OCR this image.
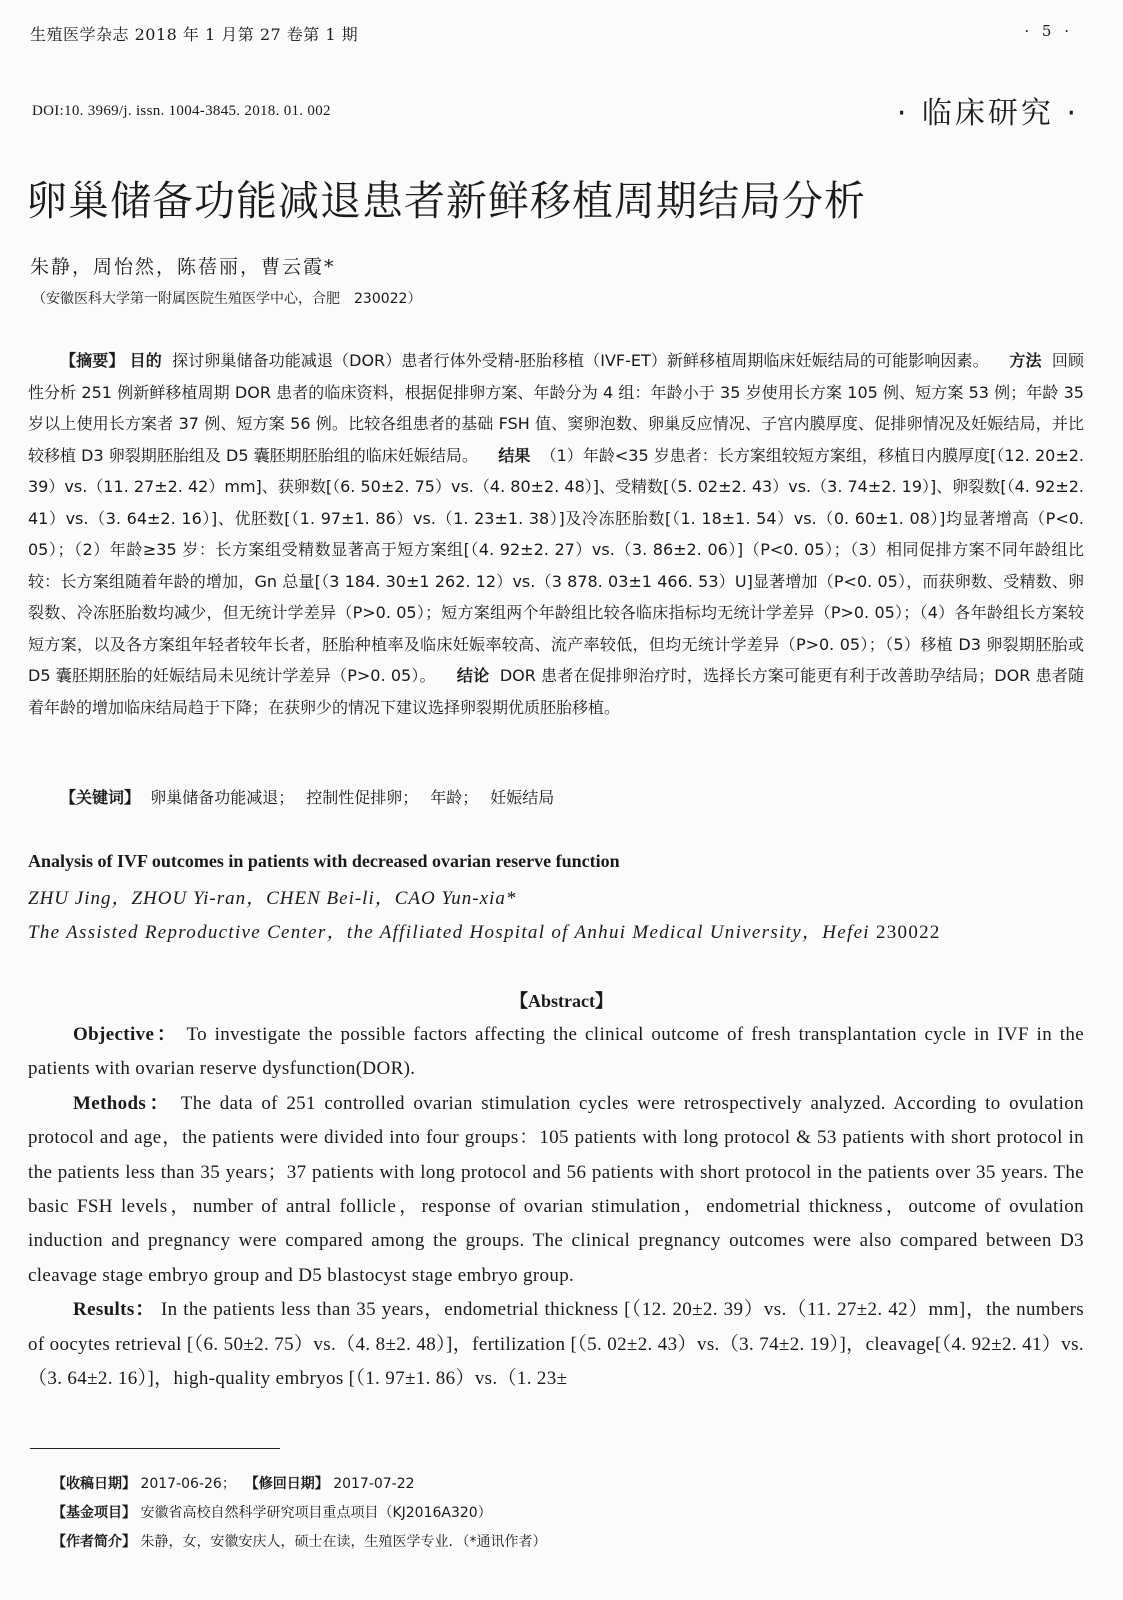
生殖医学杂志 2018 年 1 月第 27 卷第 1 期	· 5 ·
DOI:10. 3969/j. issn. 1004-3845. 2018. 01. 002	· 临床研究 ·
卵巢储备功能减退患者新鲜移植周期结局分析
朱静，周怡然，陈蓓丽，曹云霞*
（安徽医科大学第一附属医院生殖医学中心，合肥　230022）

【摘要】 目的 探讨卵巢储备功能减退（DOR）患者行体外受精-胚胎移植（IVF-ET）新鲜移植周期临床妊娠结局的可能影响因素。 方法 回顾性分析 251 例新鲜移植周期 DOR 患者的临床资料，根据促排卵方案、年龄分为 4 组：年龄小于 35 岁使用长方案 105 例、短方案 53 例；年龄 35 岁以上使用长方案者 37 例、短方案 56 例。比较各组患者的基础 FSH 值、窦卵泡数、卵巢反应情况、子宫内膜厚度、促排卵情况及妊娠结局，并比较移植 D3 卵裂期胚胎组及 D5 囊胚期胚胎组的临床妊娠结局。 结果 （1）年龄<35 岁患者：长方案组较短方案组，移植日内膜厚度[（12. 20±2. 39）vs.（11. 27±2. 42）mm]、获卵数[（6. 50±2. 75）vs.（4. 80±2. 48）]、受精数[（5. 02±2. 43）vs.（3. 74±2. 19）]、卵裂数[（4. 92±2. 41）vs.（3. 64±2. 16）]、优胚数[（1. 97±1. 86）vs.（1. 23±1. 38）]及冷冻胚胎数[（1. 18±1. 54）vs.（0. 60±1. 08）]均显著增高（P<0. 05）；（2）年龄≥35 岁：长方案组受精数显著高于短方案组[（4. 92±2. 27）vs.（3. 86±2. 06）]（P<0. 05）；（3）相同促排方案不同年龄组比较：长方案组随着年龄的增加，Gn 总量[（3 184. 30±1 262. 12）vs.（3 878. 03±1 466. 53）U]显著增加（P<0. 05），而获卵数、受精数、卵裂数、冷冻胚胎数均减少，但无统计学差异（P>0. 05）；短方案组两个年龄组比较各临床指标均无统计学差异（P>0. 05）；（4）各年龄组长方案较短方案，以及各方案组年轻者较年长者，胚胎种植率及临床妊娠率较高、流产率较低，但均无统计学差异（P>0. 05）；（5）移植 D3 卵裂期胚胎或 D5 囊胚期胚胎的妊娠结局未见统计学差异（P>0. 05）。 结论 DOR 患者在促排卵治疗时，选择长方案可能更有利于改善助孕结局；DOR 患者随着年龄的增加临床结局趋于下降；在获卵少的情况下建议选择卵裂期优质胚胎移植。

【关键词】 卵巢储备功能减退； 控制性促排卵； 年龄； 妊娠结局
Analysis of IVF outcomes in patients with decreased ovarian reserve function
ZHU Jing，ZHOU Yi-ran，CHEN Bei-li，CAO Yun-xia*
The Assisted Reproductive Center，the Affiliated Hospital of Anhui Medical University，Hefei 230022
【Abstract】

Objective： To investigate the possible factors affecting the clinical outcome of fresh transplantation cycle in IVF in the patients with ovarian reserve dysfunction(DOR).

Methods： The data of 251 controlled ovarian stimulation cycles were retrospectively analyzed. According to ovulation protocol and age，the patients were divided into four groups：105 patients with long protocol & 53 patients with short protocol in the patients less than 35 years；37 patients with long protocol and 56 patients with short protocol in the patients over 35 years. The basic FSH levels，number of antral follicle，response of ovarian stimulation，endometrial thickness，outcome of ovulation induction and pregnancy were compared among the groups. The clinical pregnancy outcomes were also compared between D3 cleavage stage embryo group and D5 blastocyst stage embryo group.

Results： In the patients less than 35 years，endometrial thickness [（12. 20±2. 39）vs.（11. 27±2. 42）mm]，the numbers of oocytes retrieval [（6. 50±2. 75）vs.（4. 8±2. 48）]，fertilization [（5. 02±2. 43）vs.（3. 74±2. 19）]，cleavage[（4. 92±2. 41）vs.（3. 64±2. 16）]，high-quality embryos [（1. 97±1. 86）vs.（1. 23±

【收稿日期】 2017-06-26； 【修回日期】 2017-07-22
【基金项目】 安徽省高校自然科学研究项目重点项目（KJ2016A320）
【作者简介】 朱静，女，安徽安庆人，硕士在读，生殖医学专业．（*通讯作者）
